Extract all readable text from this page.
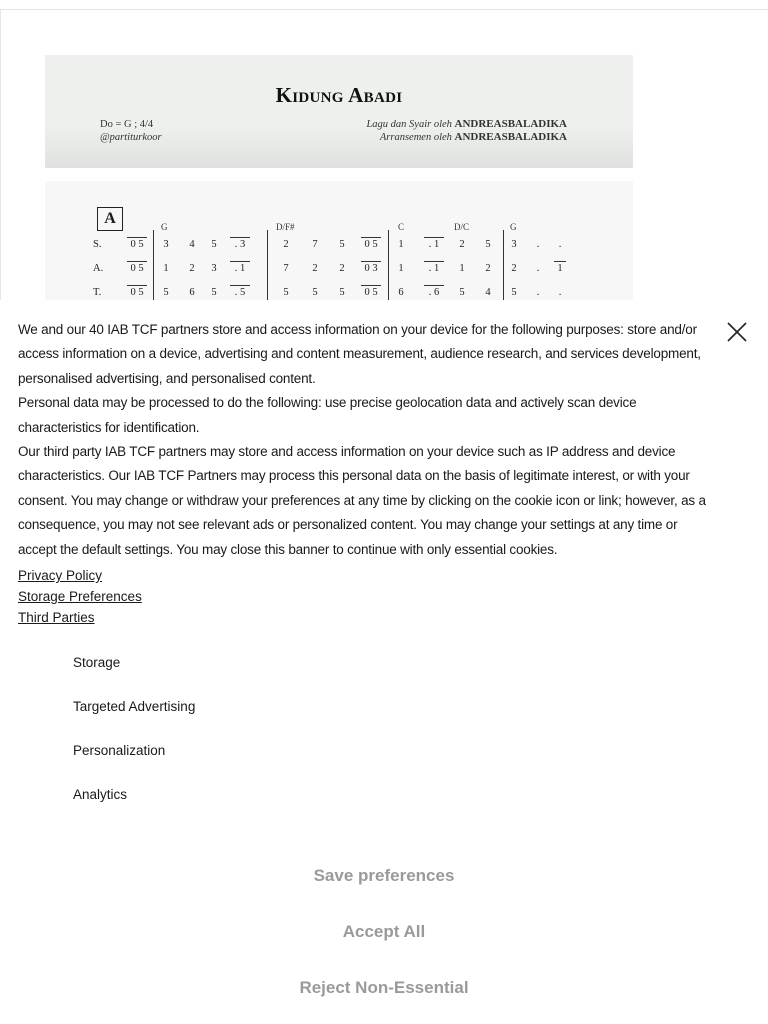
Kidung Abadi
Do = G ; 4/4
@partiturkoor
Lagu dan Syair oleh ANDREASBALADIKA
Arransemen oleh ANDREASBALADIKA
A	G	D/F#	C	D/C	G
S.	0 5	3	4	5	. 3	2	7	5	0 5	1	. 1	2	5	3	.	.
A.	0 5	1	2	3	. 1	7	2	2	0 3	1	. 1	1	2	2	.	1
T.	0 5	5	6	5	. 5	5	5	5	0 5	6	. 6	5	4	5	.	.

We and our 40 IAB TCF partners store and access information on your device for the following purposes: store and/or access information on a device, advertising and content measurement, audience research, and services development, personalised advertising, and personalised content.

Personal data may be processed to do the following: use precise geolocation data and actively scan device characteristics for identification.

Our third party IAB TCF partners may store and access information on your device such as IP address and device characteristics. Our IAB TCF Partners may process this personal data on the basis of legitimate interest, or with your consent. You may change or withdraw your preferences at any time by clicking on the cookie icon or link; however, as a consequence, you may not see relevant ads or personalized content. You may change your settings at any time or accept the default settings. You may close this banner to continue with only essential cookies.

Privacy Policy
Storage Preferences
Third Parties
Storage
Targeted Advertising
Personalization
Analytics
Save preferences
Accept All
Reject Non-Essential
